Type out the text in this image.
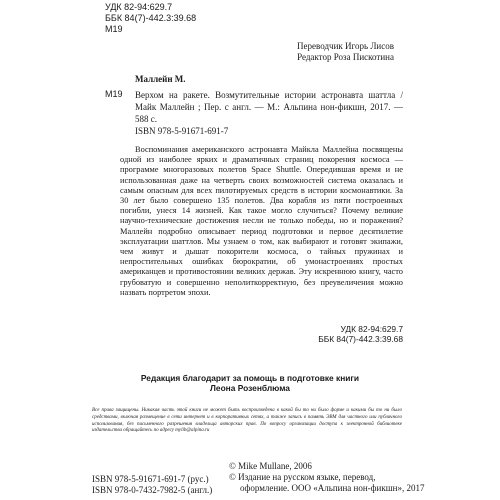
УДК 82-94:629.7
ББК 84(7)-442.3:39.68
М19
Переводчик Игорь Лисов
Редактор Роза Пискотина
М19
Маллейн М.
Верхом на ракете. Возмутительные истории астронавта шаттла / Майк Маллейн ; Пер. с англ. — М.: Альпина нон-фикшн, 2017. — 588 с.
ISBN 978-5-91671-691-7
Воспоминания американского астронавта Майкла Маллейна посвящены одной из наиболее ярких и драматичных страниц покорения космоса — программе многоразовых полетов Space Shuttle. Опередившая время и не использованная даже на четверть своих возможностей система оказалась и самым опасным для всех пилотируемых средств в истории космонавтики. За 30 лет было совершено 135 полетов. Два корабля из пяти построенных погибли, унеся 14 жизней. Как такое могло случиться? Почему великие научно-технические достижения несли не только победы, но и поражения? Маллейн подробно описывает период подготовки и первое десятилетие эксплуатации шаттлов. Мы узнаем о том, как выбирают и готовят экипажи, чем живут и дышат покорители космоса, о тайных пружинах и непростительных ошибках бюрократии, об умонастроениях простых американцев и противостоянии великих держав. Эту искреннюю книгу, часто грубоватую и совершенно неполиткорректную, без преувеличения можно назвать портретом эпохи.
УДК 82-94:629.7
ББК 84(7)-442.3:39.68
Редакция благодарит за помощь в подготовке книги
Леона Розенблюма
Все права защищены. Никакая часть этой книги не может быть воспроизведена в какой бы то ни было форме и какими бы то ни было средствами, включая размещение в сети интернет и в корпоративных сетях, а также запись в память ЭВМ для частного или публичного использования, без письменного разрешения владельца авторских прав. По вопросу организации доступа к электронной библиотеке издательства обращайтесь по адресу mylib@alpina.ru
ISBN 978-5-91671-691-7 (рус.)
ISBN 978-0-7432-7982-5 (англ.)
© Mike Mullane, 2006
© Издание на русском языке, перевод,
оформление. ООО «Альпина нон-фикшн», 2017
